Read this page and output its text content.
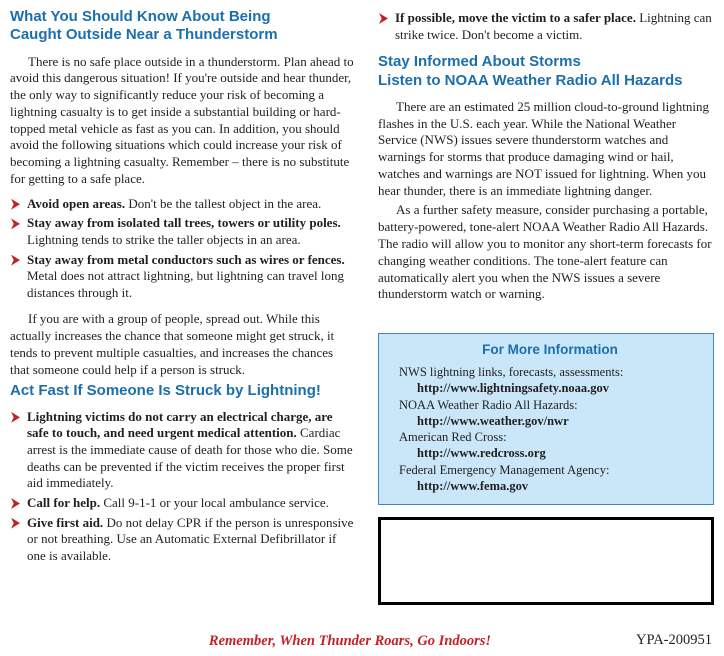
What You Should Know About Being
Caught Outside Near a Thunderstorm

There is no safe place outside in a thunderstorm. Plan ahead to avoid this dangerous situation! If you're outside and hear thunder, the only way to significantly reduce your risk of becoming a lightning casualty is to get inside a substantial building or hard-topped metal vehicle as fast as you can. In addition, you should avoid the following situations which could increase your risk of becoming a lightning casualty. Remember – there is no substitute for getting to a safe place.

Avoid open areas. Don't be the tallest object in the area.
Stay away from isolated tall trees, towers or utility poles. Lightning tends to strike the taller objects in an area.
Stay away from metal conductors such as wires or fences. Metal does not attract lightning, but lightning can travel long distances through it.

If you are with a group of people, spread out. While this actually increases the chance that someone might get struck, it tends to prevent multiple casualties, and increases the chances that someone could help if a person is struck.

Act Fast If Someone Is Struck by Lightning!
Lightning victims do not carry an electrical charge, are safe to touch, and need urgent medical attention. Cardiac arrest is the immediate cause of death for those who die. Some deaths can be prevented if the victim receives the proper first aid immediately.
Call for help. Call 9-1-1 or your local ambulance service.
Give first aid. Do not delay CPR if the person is unresponsive or not breathing. Use an Automatic External Defibrillator if one is available.
If possible, move the victim to a safer place. Lightning can strike twice. Don't become a victim.
Stay Informed About Storms
Listen to NOAA Weather Radio All Hazards

There are an estimated 25 million cloud-to-ground lightning flashes in the U.S. each year. While the National Weather Service (NWS) issues severe thunderstorm watches and warnings for storms that produce damaging wind or hail, watches and warnings are NOT issued for lightning. When you hear thunder, there is an immediate lightning danger.

As a further safety measure, consider purchasing a portable, battery-powered, tone-alert NOAA Weather Radio All Hazards. The radio will allow you to monitor any short-term forecasts for changing weather conditions. The tone-alert feature can automatically alert you when the NWS issues a severe thunderstorm watch or warning.

For More Information
NWS lightning links, forecasts, assessments:
http://www.lightningsafety.noaa.gov
NOAA Weather Radio All Hazards:
http://www.weather.gov/nwr
American Red Cross:
http://www.redcross.org
Federal Emergency Management Agency:
http://www.fema.gov
Remember, When Thunder Roars, Go Indoors!	YPA-200951
